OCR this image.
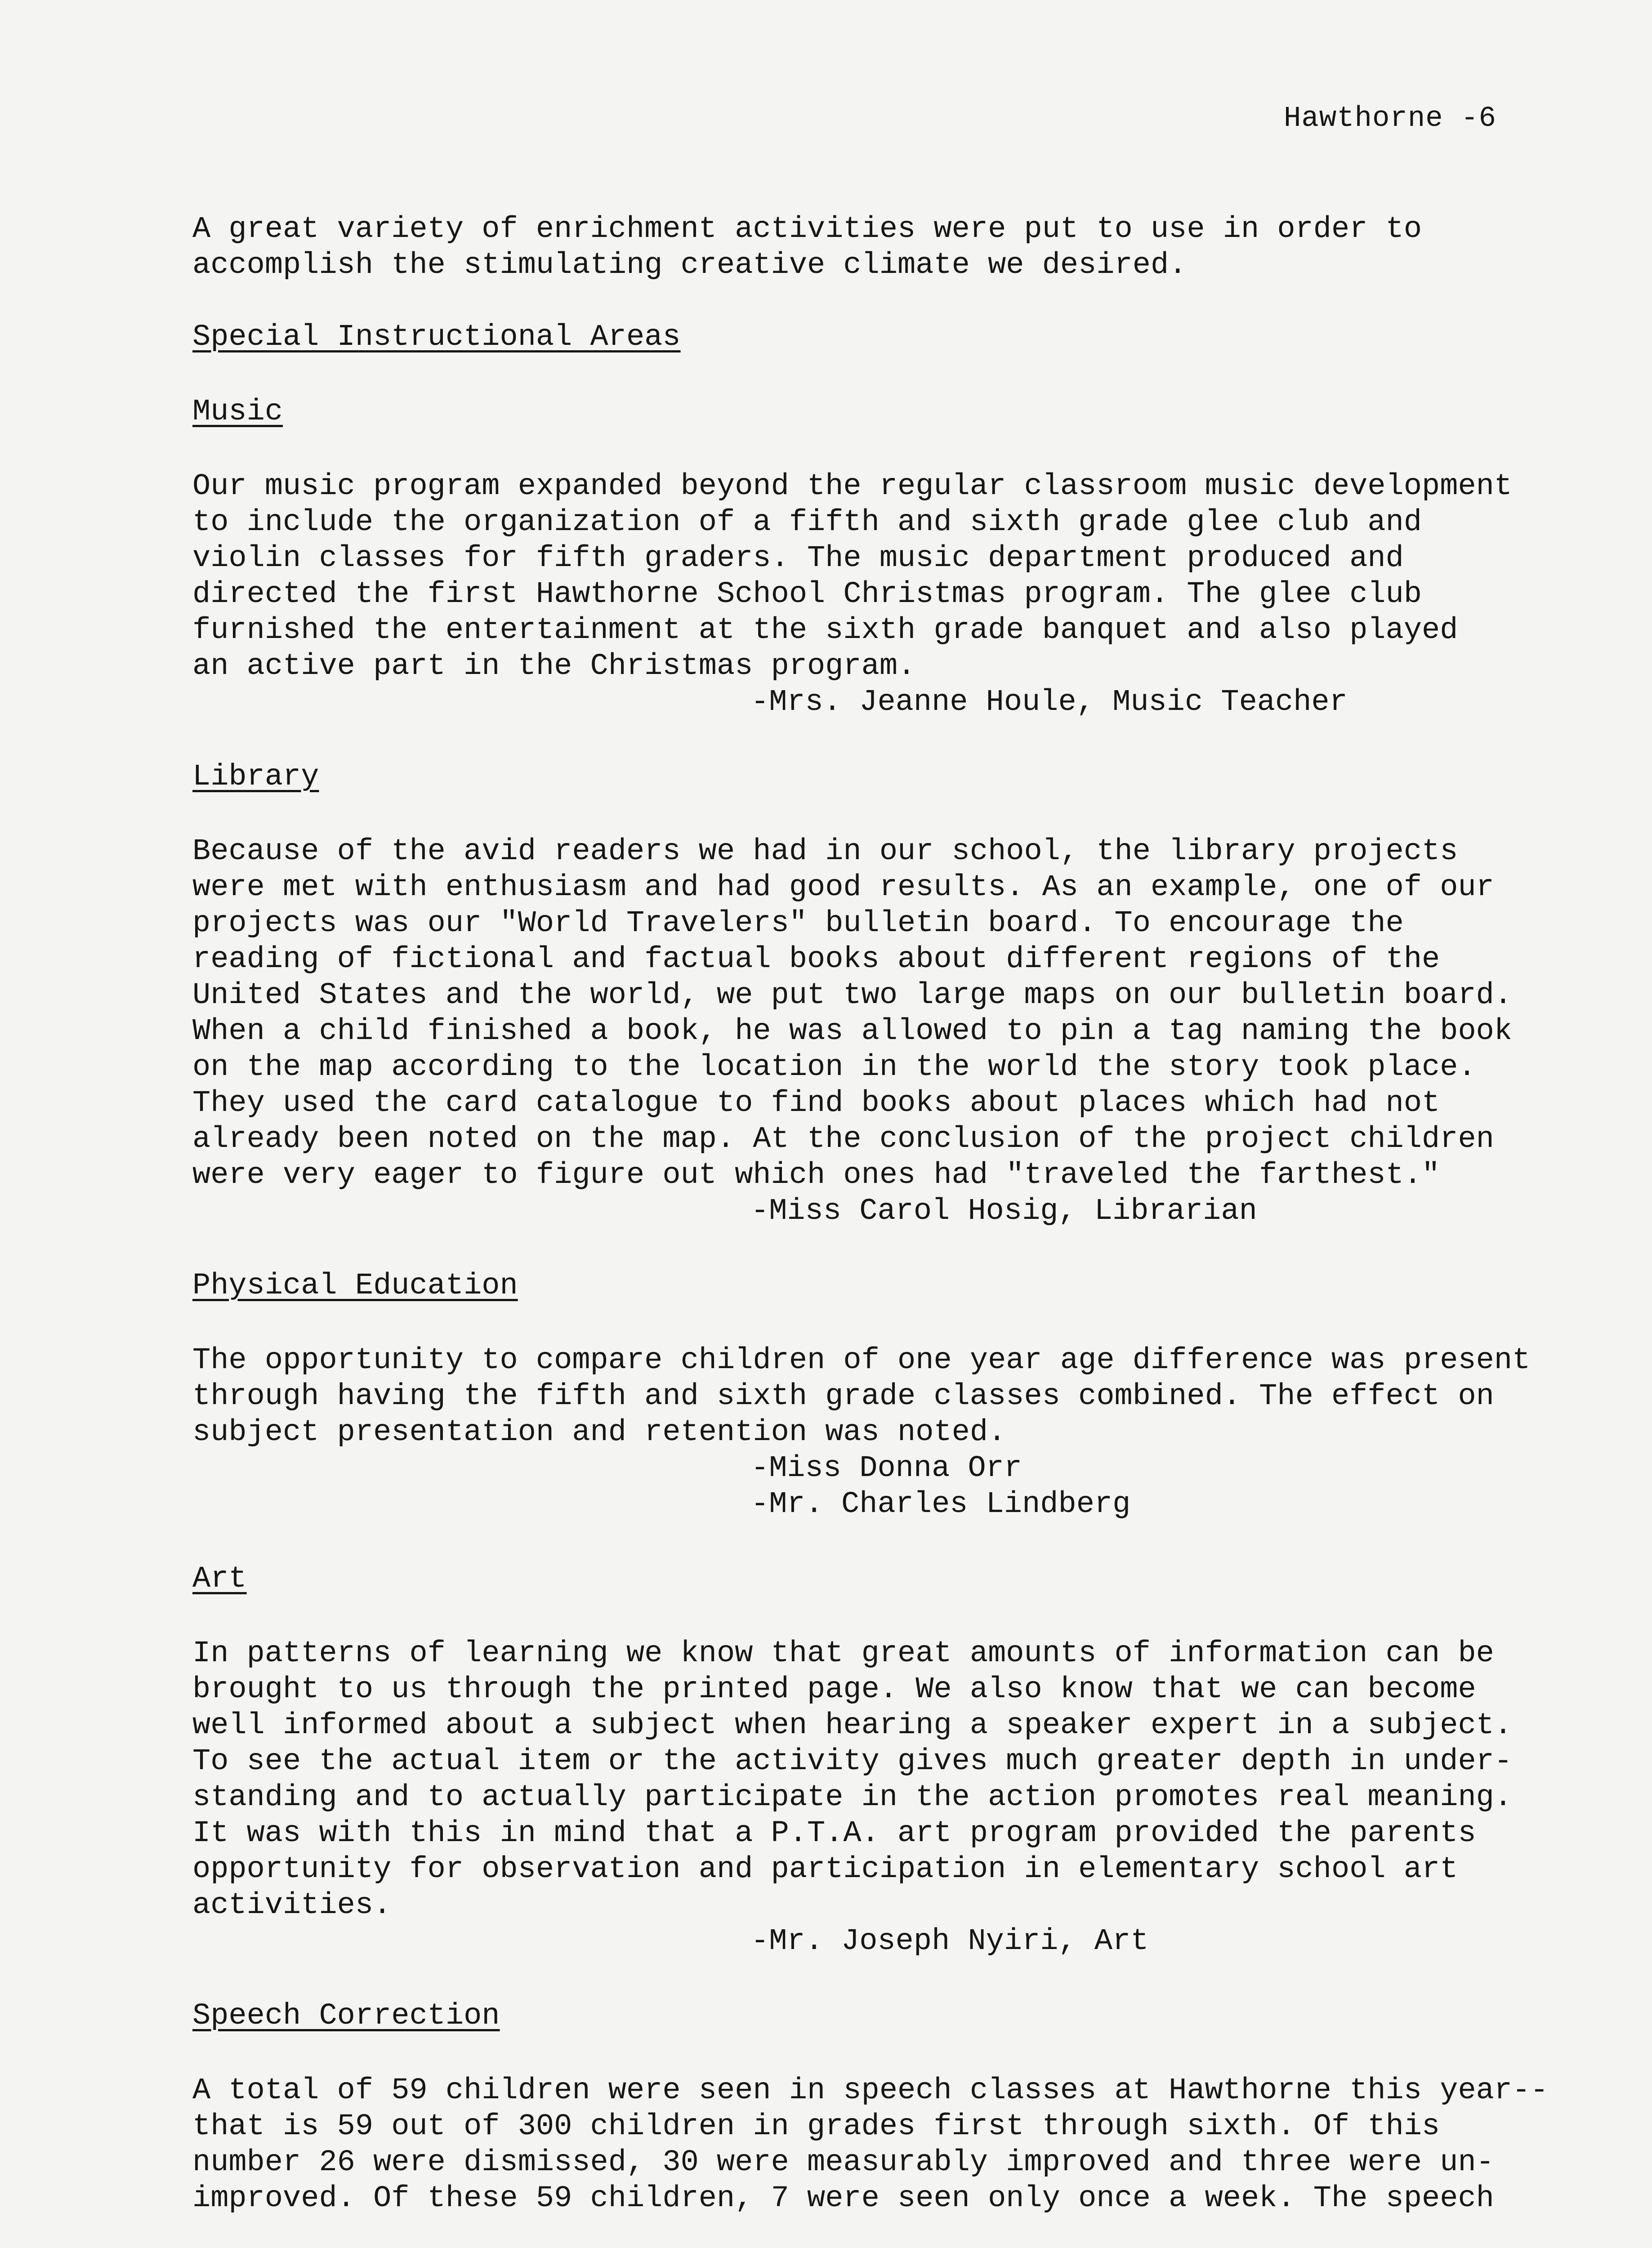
Hawthorne -6

A great variety of enrichment activities were put to use in order to

accomplish the stimulating creative climate we desired.

Special Instructional Areas

Music

Our music program expanded beyond the regular classroom music development

to include the organization of a fifth and sixth grade glee club and

violin classes for fifth graders. The music department produced and

directed the first Hawthorne School Christmas program. The glee club

furnished the entertainment at the sixth grade banquet and also played

an active part in the Christmas program.

-Mrs. Jeanne Houle, Music Teacher

Library

Because of the avid readers we had in our school, the library projects

were met with enthusiasm and had good results. As an example, one of our

projects was our "World Travelers" bulletin board. To encourage the

reading of fictional and factual books about different regions of the

United States and the world, we put two large maps on our bulletin board.

When a child finished a book, he was allowed to pin a tag naming the book

on the map according to the location in the world the story took place.

They used the card catalogue to find books about places which had not

already been noted on the map. At the conclusion of the project children

were very eager to figure out which ones had "traveled the farthest."

-Miss Carol Hosig, Librarian

Physical Education

The opportunity to compare children of one year age difference was present

through having the fifth and sixth grade classes combined. The effect on

subject presentation and retention was noted.

-Miss Donna Orr

-Mr. Charles Lindberg

Art

In patterns of learning we know that great amounts of information can be

brought to us through the printed page. We also know that we can become

well informed about a subject when hearing a speaker expert in a subject.

To see the actual item or the activity gives much greater depth in under-

standing and to actually participate in the action promotes real meaning.

It was with this in mind that a P.T.A. art program provided the parents

opportunity for observation and participation in elementary school art

activities.

-Mr. Joseph Nyiri, Art

Speech Correction

A total of 59 children were seen in speech classes at Hawthorne this year--

that is 59 out of 300 children in grades first through sixth. Of this

number 26 were dismissed, 30 were measurably improved and three were un-

improved. Of these 59 children, 7 were seen only once a week. The speech
